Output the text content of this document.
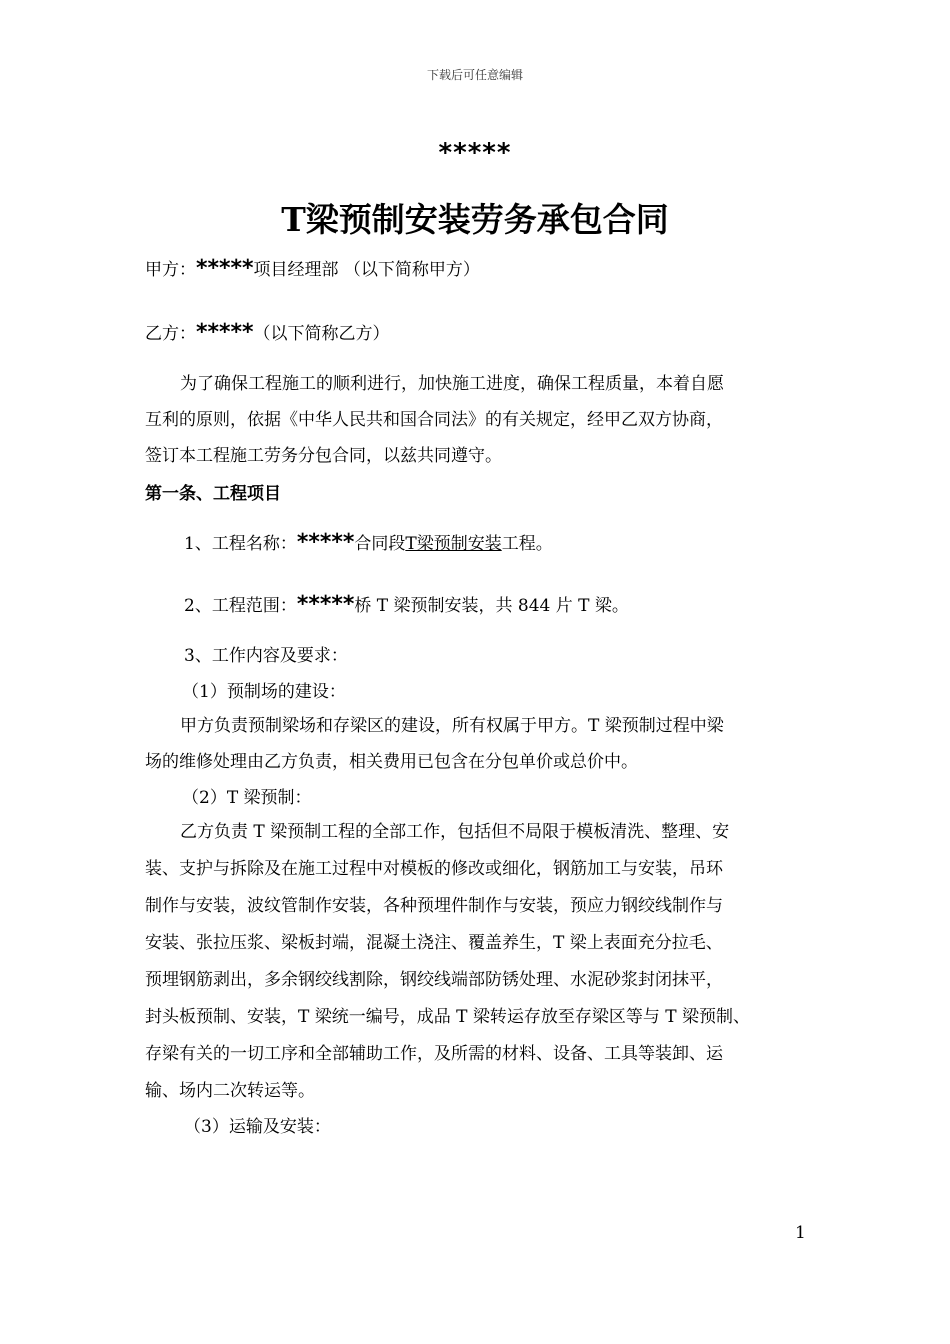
下载后可任意编辑
*****
T梁预制安装劳务承包合同
甲方：*****项目经理部 （以下简称甲方）
乙方：*****（以下简称乙方）
为了确保工程施工的顺利进行，加快施工进度，确保工程质量，本着自愿
互利的原则，依据《中华人民共和国合同法》的有关规定，经甲乙双方协商，
签订本工程施工劳务分包合同，以兹共同遵守。
第一条、工程项目
1、工程名称：*****合同段T梁预制安装工程。
2、工程范围：*****桥 T 梁预制安装，共 844 片 T 梁。
3、工作内容及要求：
（1）预制场的建设：
甲方负责预制梁场和存梁区的建设，所有权属于甲方。T 梁预制过程中梁
场的维修处理由乙方负责，相关费用已包含在分包单价或总价中。
（2）T 梁预制：
乙方负责 T 梁预制工程的全部工作，包括但不局限于模板清洗、整理、安
装、支护与拆除及在施工过程中对模板的修改或细化，钢筋加工与安装，吊环
制作与安装，波纹管制作安装，各种预埋件制作与安装，预应力钢绞线制作与
安装、张拉压浆、梁板封端，混凝土浇注、覆盖养生，T 梁上表面充分拉毛、
预埋钢筋剥出，多余钢绞线割除，钢绞线端部防锈处理、水泥砂浆封闭抹平，
封头板预制、安装，T 梁统一编号，成品 T 梁转运存放至存梁区等与 T 梁预制、
存梁有关的一切工序和全部辅助工作，及所需的材料、设备、工具等装卸、运
输、场内二次转运等。
（3）运输及安装：
1
